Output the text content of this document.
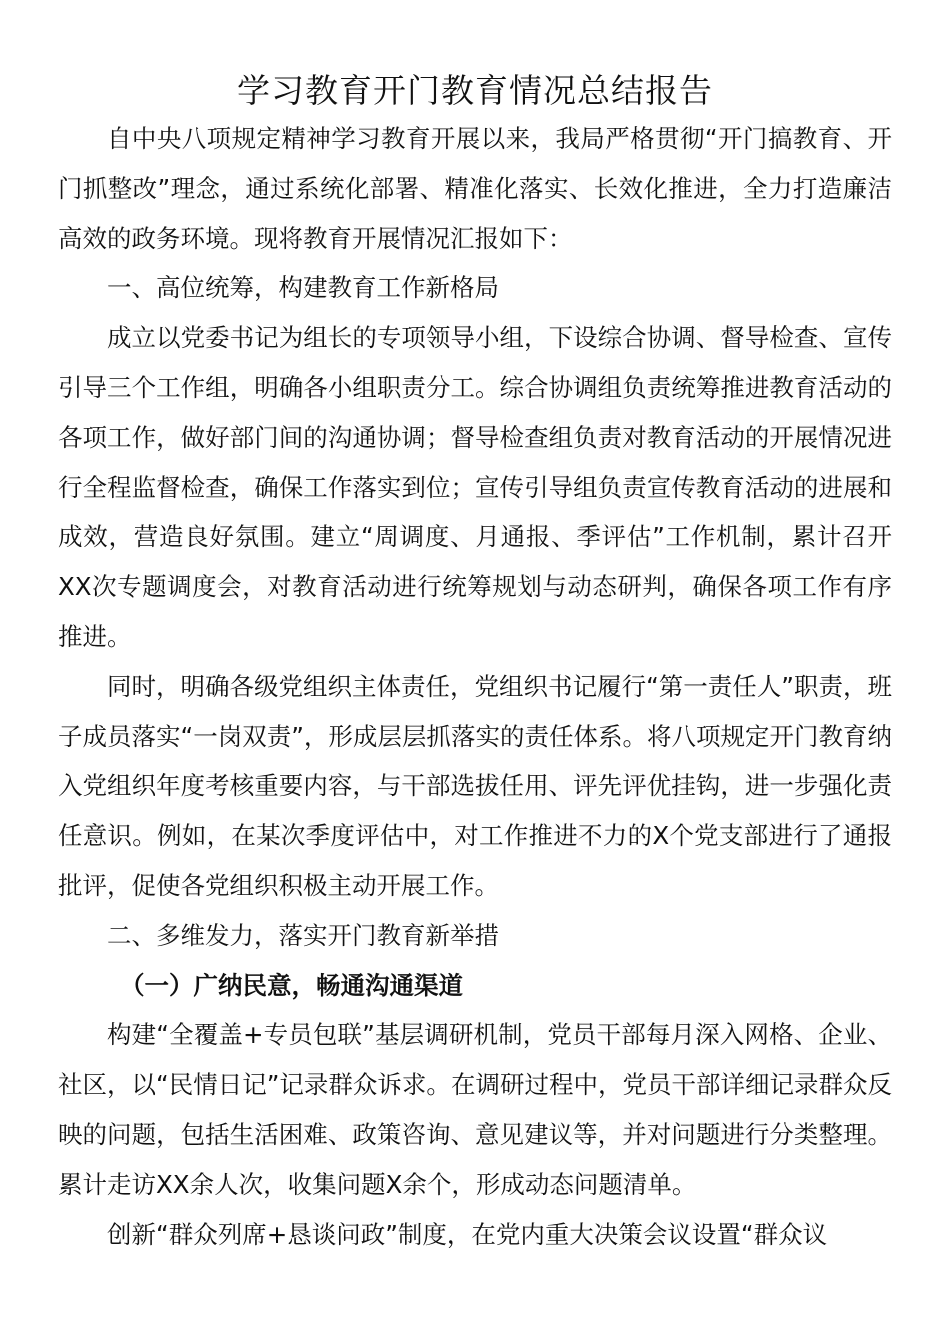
学习教育开门教育情况总结报告

自中央八项规定精神学习教育开展以来，我局严格贯彻“开门搞教育、开门抓整改”理念，通过系统化部署、精准化落实、长效化推进，全力打造廉洁高效的政务环境。现将教育开展情况汇报如下：

一、高位统筹，构建教育工作新格局

成立以党委书记为组长的专项领导小组，下设综合协调、督导检查、宣传引导三个工作组，明确各小组职责分工。综合协调组负责统筹推进教育活动的各项工作，做好部门间的沟通协调；督导检查组负责对教育活动的开展情况进行全程监督检查，确保工作落实到位；宣传引导组负责宣传教育活动的进展和成效，营造良好氛围。建立“周调度、月通报、季评估”工作机制，累计召开XX次专题调度会，对教育活动进行统筹规划与动态研判，确保各项工作有序推进。

同时，明确各级党组织主体责任，党组织书记履行“第一责任人”职责，班子成员落实“一岗双责”，形成层层抓落实的责任体系。将八项规定开门教育纳入党组织年度考核重要内容，与干部选拔任用、评先评优挂钩，进一步强化责任意识。例如，在某次季度评估中，对工作推进不力的X个党支部进行了通报批评，促使各党组织积极主动开展工作。

二、多维发力，落实开门教育新举措

（一）广纳民意，畅通沟通渠道

构建“全覆盖+专员包联”基层调研机制，党员干部每月深入网格、企业、社区，以“民情日记”记录群众诉求。在调研过程中，党员干部详细记录群众反映的问题，包括生活困难、政策咨询、意见建议等，并对问题进行分类整理。累计走访XX余人次，收集问题X余个，形成动态问题清单。

创新“群众列席+恳谈问政”制度，在党内重大决策会议设置“群众议
